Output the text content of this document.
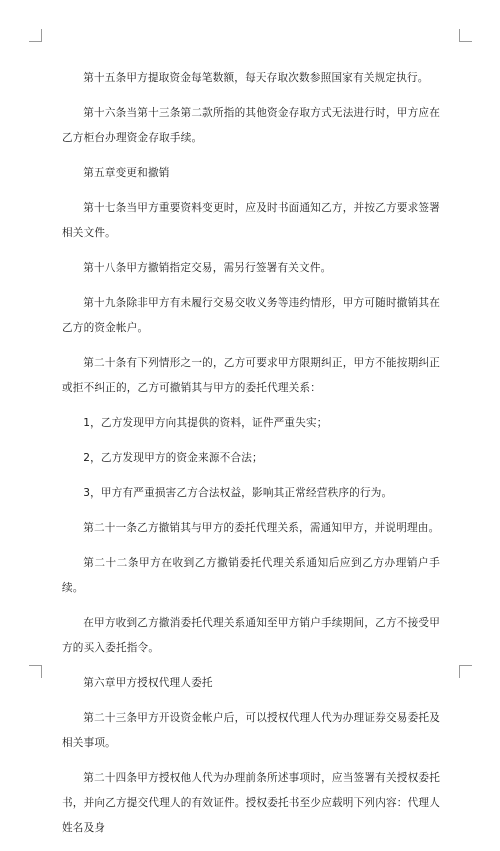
第十五条甲方提取资金每笔数额，每天存取次数参照国家有关规定执行。

第十六条当第十三条第二款所指的其他资金存取方式无法进行时，甲方应在乙方柜台办理资金存取手续。

第五章变更和撤销

第十七条当甲方重要资料变更时，应及时书面通知乙方，并按乙方要求签署相关文件。

第十八条甲方撤销指定交易，需另行签署有关文件。

第十九条除非甲方有未履行交易交收义务等违约情形，甲方可随时撤销其在乙方的资金帐户。

第二十条有下列情形之一的，乙方可要求甲方限期纠正，甲方不能按期纠正或拒不纠正的，乙方可撤销其与甲方的委托代理关系：

1，乙方发现甲方向其提供的资料，证件严重失实；

2，乙方发现甲方的资金来源不合法；

3，甲方有严重损害乙方合法权益，影响其正常经营秩序的行为。

第二十一条乙方撤销其与甲方的委托代理关系，需通知甲方，并说明理由。

第二十二条甲方在收到乙方撤销委托代理关系通知后应到乙方办理销户手续。

在甲方收到乙方撤消委托代理关系通知至甲方销户手续期间，乙方不接受甲方的买入委托指令。

第六章甲方授权代理人委托

第二十三条甲方开设资金帐户后，可以授权代理人代为办理证券交易委托及相关事项。

第二十四条甲方授权他人代为办理前条所述事项时，应当签署有关授权委托书，并向乙方提交代理人的有效证件。授权委托书至少应载明下列内容：代理人姓名及身
